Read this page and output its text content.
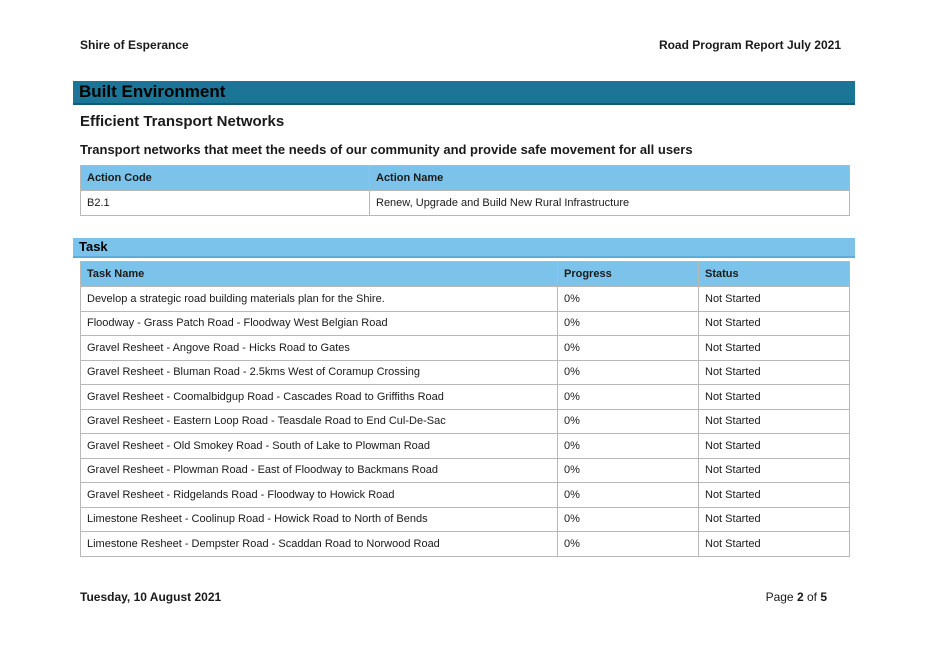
Shire of Esperance	Road Program Report July 2021
Built Environment
Efficient Transport Networks
Transport networks that meet the needs of our community and provide safe movement for all users
Action Code	Action Name
B2.1	Renew, Upgrade and Build New Rural Infrastructure
Task
Task Name	Progress	Status
Develop a strategic road building materials plan for the Shire.	0%	Not Started
Floodway - Grass Patch Road - Floodway West Belgian Road	0%	Not Started
Gravel Resheet - Angove Road - Hicks Road to Gates	0%	Not Started
Gravel Resheet - Bluman Road - 2.5kms West of Coramup Crossing	0%	Not Started
Gravel Resheet - Coomalbidgup Road - Cascades Road to Griffiths Road	0%	Not Started
Gravel Resheet - Eastern Loop Road - Teasdale Road to End Cul-De-Sac	0%	Not Started
Gravel Resheet - Old Smokey Road - South of Lake to Plowman Road	0%	Not Started
Gravel Resheet - Plowman Road - East of Floodway to Backmans Road	0%	Not Started
Gravel Resheet - Ridgelands Road - Floodway to Howick Road	0%	Not Started
Limestone Resheet - Coolinup Road - Howick Road to North of Bends	0%	Not Started
Limestone Resheet - Dempster Road - Scaddan Road to Norwood Road	0%	Not Started
Tuesday, 10 August 2021	Page 2 of 5
